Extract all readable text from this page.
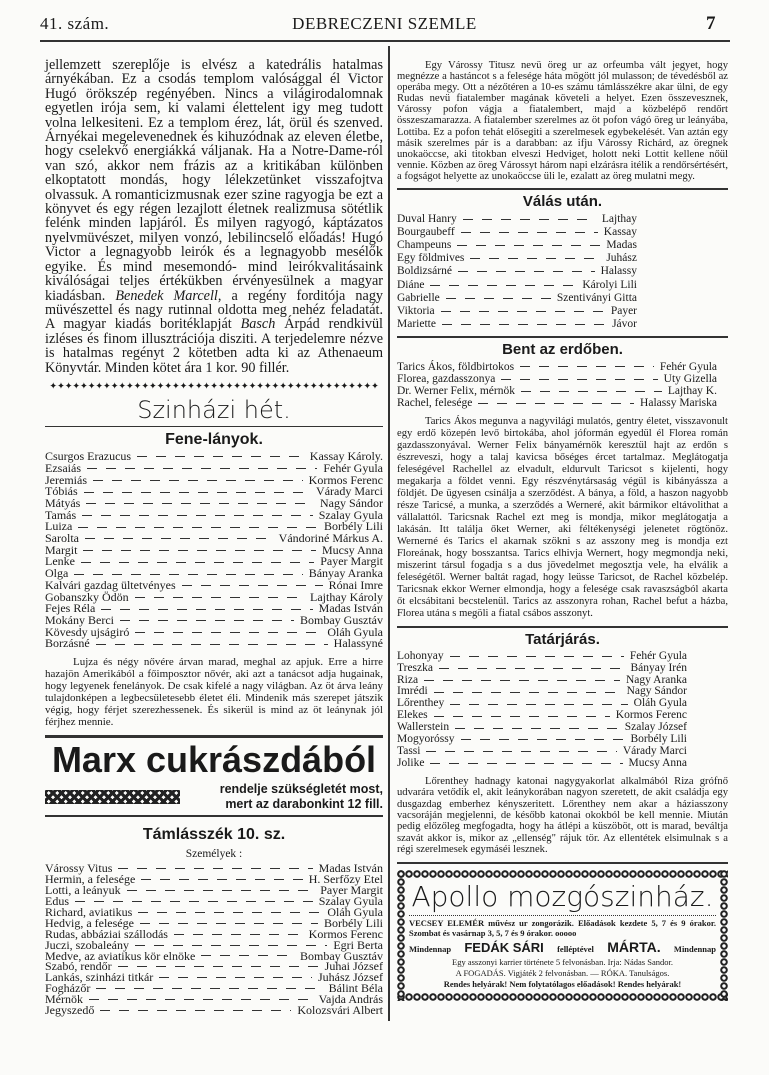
41. szám.	DEBRECZENI SZEMLE	7
jellemzett szereplője is elvész a katedrális hatalmas árnyékában. Ez a csodás templom valósággal él Victor Hugó örökszép regényében. Nincs a világirodalomnak egyetlen irója sem, ki valami élettelent igy meg tudott volna lelkesiteni. Ez a templom érez, lát, örül és szenved. Árnyékai megelevenednek és kihuzódnak az eleven életbe, hogy cselekvő energiákká váljanak. Ha a Notre-Dame-ról van szó, akkor nem frázis az a kritikában különben elkoptatott mondás, hogy lélekzetünket visszafojtva olvassuk. A romanticizmusnak ezer szine ragyogja be ezt a könyvet és egy régen lezajlott életnek realizmusa sötétlik felénk minden lapjáról. És milyen ragyogó, káptázatos nyelvmüvészet, milyen vonzó, lebilincselő előadás! Hugó Victor a legnagyobb leirók és a legnagyobb mesélők egyike. És mind mesemondó- mind leirókvalitásaink kiválóságai teljes értékükben érvényesülnek a magyar kiadásban. Benedek Marcell, a regény forditója nagy müvészettel és nagy rutinnal oldotta meg nehéz feladatát. A magyar kiadás boritéklapját Basch Árpád rendkivül izléses és finom illusztrációja disziti. A terjedelemre nézve is hatalmas regényt 2 kötetben adta ki az Athenaeum Könyvtár. Minden kötet ára 1 kor. 90 fillér.
✦✦✦✦✦✦✦✦✦✦✦✦✦✦✦✦✦✦✦✦✦✦✦✦✦✦✦✦✦✦✦✦✦✦✦✦✦✦✦✦✦✦✦
Szinházi hét.
Fene-lányok.
Csurgos Erazucus	Kassay Károly.
Ezsaiás	Fehér Gyula
Jeremiás	Kormos Ferenc
Tóbiás	Várady Marci
Mátyás	Nagy Sándor
Tamás	Szalay Gyula
Luiza	Borbély Lili
Sarolta	Vándoriné Márkus A.
Margit	Mucsy Anna
Lenke	Payer Margit
Olga	Bányay Aranka
Kalvári gazdag ültetvényes	Rónai Imre
Gobanszky Ödön	Lajthay Károly
Fejes Réla	Madas István
Mokány Berci	Bombay Gusztáv
Kövesdy ujságiró	Oláh Gyula
Borzásné	Halassyné
Lujza és négy nővére árvan marad, meghal az apjuk. Erre a hirre hazajön Amerikából a főimposztor nővér, aki azt a tanácsot adja hugainak, hogy legyenek fenelányok. De csak kifelé a nagy világban. Az öt árva leány tulajdonképen a legbecsületesebb életet éli. Mindenik más szerepet játszik végig, hogy férjet szerezhessenek. És sikerül is mind az öt leánynak jól férjhez mennie.
Marx cukrászdából
rendelje szükségletét most,
mert az darabonkint 12 fill.
Támlásszék 10. sz.
Személyek :
Várossy Vitus	Madas István
Hermin, a felesége	H. Serfőzy Etel
Lotti, a leányuk	Payer Margit
Edus	Szalay Gyula
Richard, aviatikus	Oláh Gyula
Hedvig, a felesége	Borbély Lili
Rudas, abbáziai szállodás	Kormos Ferenc
Juczi, szobaleány	Egri Berta
Medve, az aviatikus kör elnöke	Bombay Gusztáv
Szabó, rendőr	Juhai József
Lankás, szinházi titkár	Juhász József
Fogházőr	Bálint Béla
Mérnök	Vajda András
Jegyszedő	Kolozsvári Albert
Egy Várossy Titusz nevü öreg ur az orfeumba vált jegyet, hogy megnézze a hastáncot s a felesége háta mögött jól mulasson; de tévedésből az operába megy. Ott a nézőtéren a 10-es számu támlásszékre akar ülni, de egy Rudas nevü fiatalember magának követeli a helyet. Ezen összevesznek, Várossy pofon vágja a fiatalembert, majd a közbelépő rendőrt összeszamarazza. A fiatalember szerelmes az öt pofon vágó öreg ur leányába, Lottiba. Ez a pofon tehát elősegiti a szerelmesek egybekelését. Van aztán egy másik szerelmes pár is a darabban: az ifju Várossy Richárd, az öregnek unokaöccse, aki titokban elveszi Hedviget, holott neki Lottit kellene nőül vennie. Közben az öreg Várossyt három napi elzárásra itélik a rendőrsértésért, a fogságot helyette az unokaöccse üli le, ezalatt az öreg mulatni megy.
Válás után.
Duval Hanry	Lajthay
Bourgaubeff	Kassay
Champeuns	Madas
Egy földmives	Juhász
Boldizsárné	Halassy
Diáne	Károlyi Lili
Gabrielle	Szentiványi Gitta
Viktoria	Payer
Mariette	Jávor
Bent az erdőben.
Tarics Ákos, földbirtokos	Fehér Gyula
Florea, gazdasszonya	Uty Gizella
Dr. Werner Felix, mérnök	Lajthay K.
Rachel, felesége	Halassy Mariska
Tarics Ákos megunva a nagyvilági mulatós, gentry életet, visszavonult egy erdő közepén levő birtokába, ahol jóformán egyedül él Florea román gazdasszonyával. Werner Felix bányamérnök keresztül hajt az erdőn s észreveszi, hogy a talaj kavicsa bőséges ércet tartalmaz. Meglátogatja feleségével Rachellel az elvadult, eldurvult Taricsot s kijelenti, hogy megakarja a földet venni. Egy részvénytársaság végül is kibányássza a földjét. De ügyesen csinálja a szerződést. A bánya, a föld, a haszon nagyobb része Taricsé, a munka, a szerződés a Werneré, akit bármikor eltávolithat a vállalattól. Taricsnak Rachel ezt meg is mondja, mikor meglátogatja a lakásán. Itt találja őket Werner, aki féltékenységi jelenetet rögtönöz. Wernerné és Tarics el akarnak szökni s az asszony meg is mondja ezt Floreának, hogy bosszantsa. Tarics elhivja Wernert, hogy megmondja neki, miszerint társul fogadja s a dus jövedelmet megosztja vele, ha elválik a feleségétől. Werner baltát ragad, hogy leüsse Taricsot, de Rachel közbelép. Taricsnak ekkor Werner elmondja, hogy a felesége csak ravaszságból akarta őt elcsábitani becstelenül. Tarics az asszonyra rohan, Rachel befut a házba, Florea utána s megöli a fiatal csábos asszonyt.
Tatárjárás.
Lohonyay	Fehér Gyula
Treszka	Bányay Irén
Riza	Nagy Aranka
Imrédi	Nagy Sándor
Lőrenthey	Oláh Gyula
Elekes	Kormos Ferenc
Wallerstein	Szalay József
Mogyoróssy	Borbély Lili
Tassi	Várady Marci
Jolike	Mucsy Anna
Lőrenthey hadnagy katonai nagygyakorlat alkalmából Riza grófnő udvarára vetődik el, akit leánykorában nagyon szeretett, de akit családja egy dusgazdag emberhez kényszeritett. Lőrenthey nem akar a háziasszony vacsoráján megjelenni, de később katonai okokból be kell mennie. Miután pedig előzőleg megfogadta, hogy ha átlépi a küszöböt, ott is marad, beváltja szavát akkor is, mikor az „ellenség" rájuk tör. Az ellentétek elsimulnak s a régi szerelmesek egymáséi lesznek.
Apollo mozgószinház.
VECSEY ELEMÉR művész ur zongorázik. Előadások kezdete 5, 7 és 9 órakor. Szombat és vasárnap 3, 5, 7 és 9 órakor. ooooo
Mindennap FEDÁK SÁRI felléptével MÁRTA. Mindennap
Egy asszonyi karrier története 5 felvonásban. Irja: Nádas Sandor.
A FOGADÁS. Vigjáték 2 felvonásban. — RÓKA. Tanulságos.
Rendes helyárak! Nem folytatólagos előadások! Rendes helyárak!
